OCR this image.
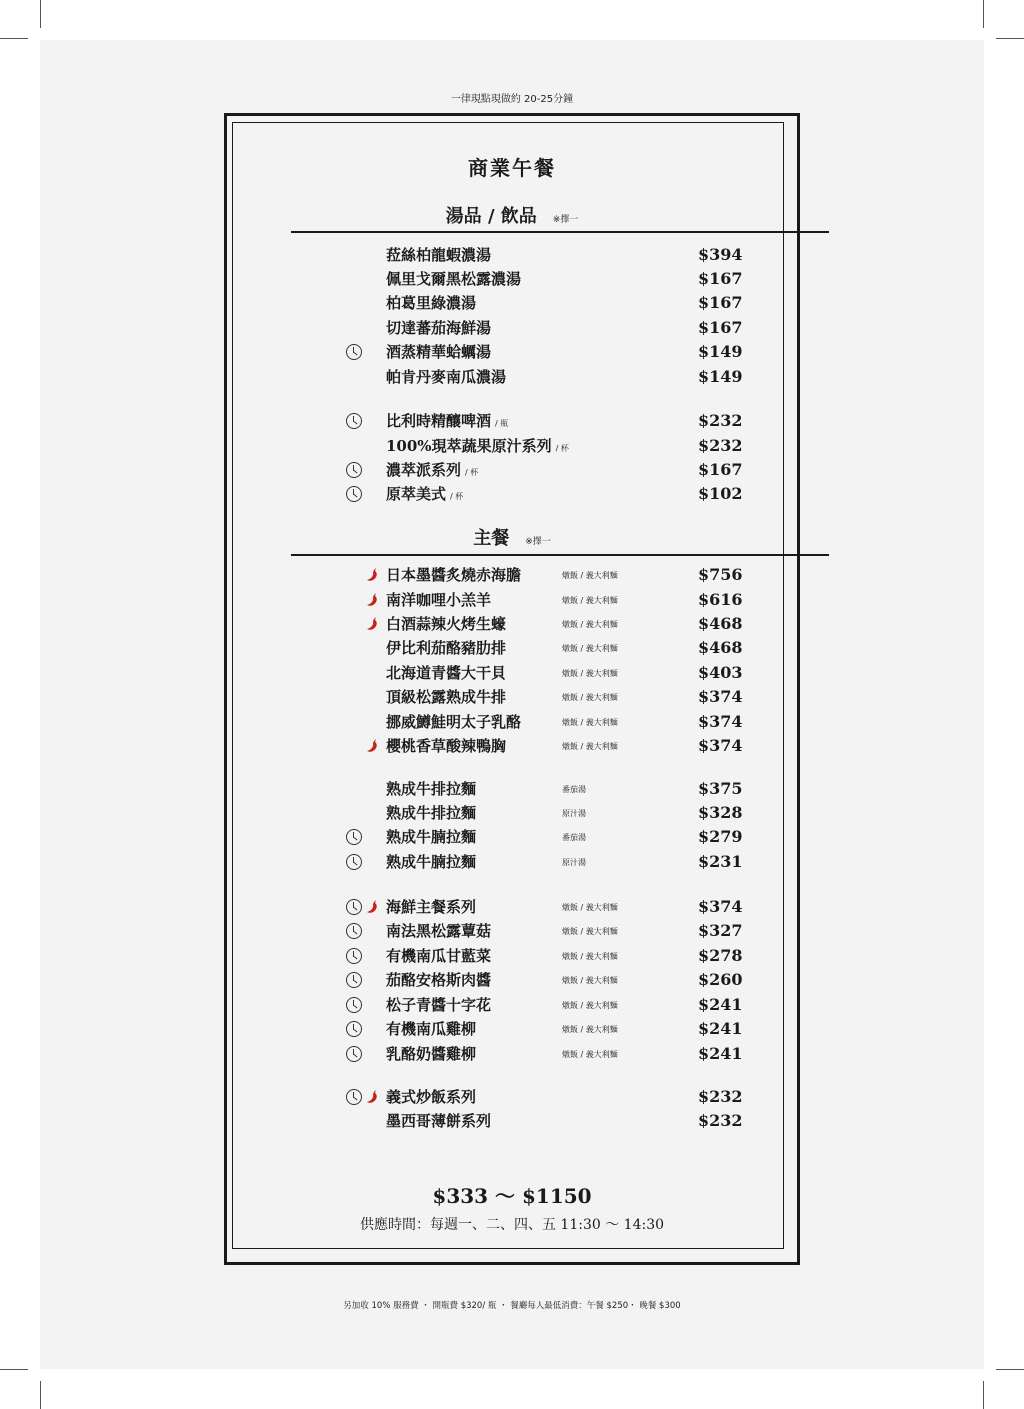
一律現點現做約 20-25分鐘
商業午餐
湯品 / 飲品 ※擇一
主餐 ※擇一
菈絲柏龍蝦濃湯	$394
佩里戈爾黑松露濃湯	$167
柏葛里綠濃湯	$167
切達蕃茄海鮮湯	$167
酒蒸精華蛤蠣湯	$149
帕肯丹麥南瓜濃湯	$149
比利時精釀啤酒 / 瓶	$232
100%現萃蔬果原汁系列 / 杯	$232
濃萃派系列 / 杯	$167
原萃美式 / 杯	$102
日本墨醬炙燒赤海膽	燉飯 / 義大利麵	$756
南洋咖哩小羔羊	燉飯 / 義大利麵	$616
白酒蒜辣火烤生蠔	燉飯 / 義大利麵	$468
伊比利茄酪豬肋排	燉飯 / 義大利麵	$468
北海道青醬大干貝	燉飯 / 義大利麵	$403
頂級松露熟成牛排	燉飯 / 義大利麵	$374
挪威鱒鮭明太子乳酪	燉飯 / 義大利麵	$374
櫻桃香草酸辣鴨胸	燉飯 / 義大利麵	$374
熟成牛排拉麵	番茄湯	$375
熟成牛排拉麵	原汁湯	$328
熟成牛腩拉麵	番茄湯	$279
熟成牛腩拉麵	原汁湯	$231
海鮮主餐系列	燉飯 / 義大利麵	$374
南法黑松露蕈菇	燉飯 / 義大利麵	$327
有機南瓜甘藍菜	燉飯 / 義大利麵	$278
茄酪安格斯肉醬	燉飯 / 義大利麵	$260
松子青醬十字花	燉飯 / 義大利麵	$241
有機南瓜雞柳	燉飯 / 義大利麵	$241
乳酪奶醬雞柳	燉飯 / 義大利麵	$241
義式炒飯系列	$232
墨西哥薄餅系列	$232
$333 ～ $1150
供應時間：每週一、二、四、五 11:30 ～ 14:30
另加收 10% 服務費 ・ 開瓶費 $320/ 瓶 ・ 餐廳每人最低消費：午餐 $250・ 晚餐 $300
